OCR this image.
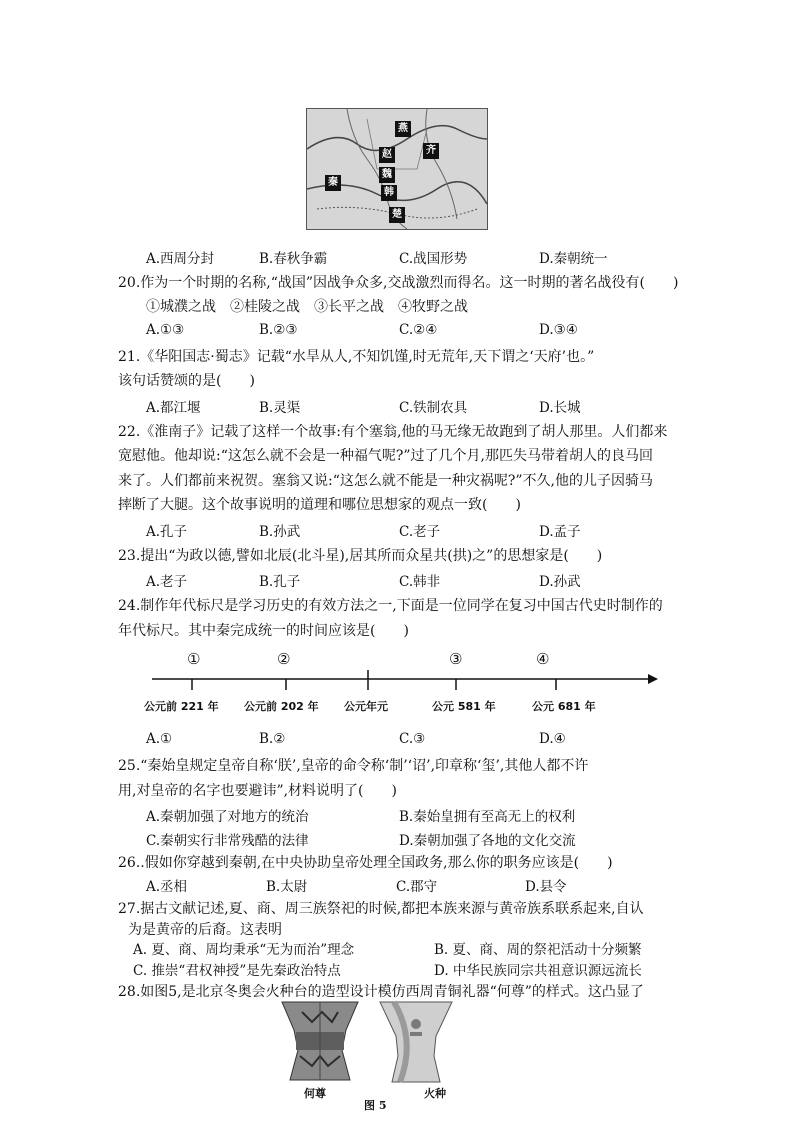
燕
齐
赵
魏
韩
秦
楚
A.西周分封	B.春秋争霸	C.战国形势	D.秦朝统一
20.作为一个时期的名称,“战国”因战争众多,交战激烈而得名。这一时期的著名战役有(　　)
①城濮之战　②桂陵之战　③长平之战　④牧野之战
A.①③	B.②③	C.②④	D.③④
21.《华阳国志·蜀志》记载“水旱从人,不知饥馑,时无荒年,天下谓之‘天府’也。”
该句话赞颂的是(　　)
A.都江堰	B.灵渠	C.铁制农具	D.长城
22.《淮南子》记载了这样一个故事:有个塞翁,他的马无缘无故跑到了胡人那里。人们都来
宽慰他。他却说:“这怎么就不会是一种福气呢?”过了几个月,那匹失马带着胡人的良马回
来了。人们都前来祝贺。塞翁又说:“这怎么就不能是一种灾祸呢?”不久,他的儿子因骑马
摔断了大腿。这个故事说明的道理和哪位思想家的观点一致(　　)
A.孔子	B.孙武	C.老子	D.孟子
23.提出“为政以德,譬如北辰(北斗星),居其所而众星共(拱)之”的思想家是(　　)
A.老子	B.孔子	C.韩非	D.孙武
24.制作年代标尺是学习历史的有效方法之一,下面是一位同学在复习中国古代史时制作的
年代标尺。其中秦完成统一的时间应该是(　　)
①	②	③	④
公元前 221 年 公元前 202 年 公元年元	公元 581 年	公元 681 年
A.①	B.②	C.③	D.④
25.“秦始皇规定皇帝自称‘朕’,皇帝的命令称‘制’‘诏’,印章称‘玺’,其他人都不许
用,对皇帝的名字也要避讳”,材料说明了(　　)
A.秦朝加强了对地方的统治	B.秦始皇拥有至高无上的权利
C.秦朝实行非常残酷的法律	D.秦朝加强了各地的文化交流
26..假如你穿越到秦朝,在中央协助皇帝处理全国政务,那么你的职务应该是(　　)
A.丞相	B.太尉	C.郡守	D.县令
27.据古文献记述,夏、商、周三族祭祀的时候,都把本族来源与黄帝族系联系起来,自认
为是黄帝的后裔。这表明
A. 夏、商、周均秉承“无为而治”理念	B. 夏、商、周的祭祀活动十分频繁
C. 推崇“君权神授”是先秦政治特点	D. 中华民族同宗共祖意识源远流长
28.如图5,是北京冬奥会火种台的造型设计模仿西周青铜礼器“何尊”的样式。这凸显了
何尊	火种
图 5
